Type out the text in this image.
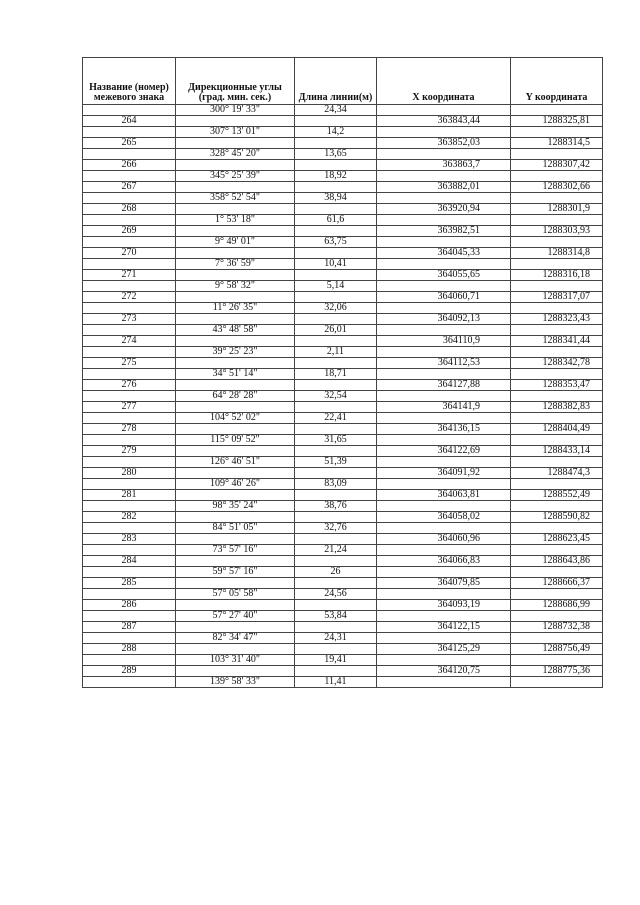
Название (номер) межевого знака	Дирекционные углы (град. мин. сек.)	Длина линии(м)	X координата	Y координата
	300° 19' 33"	24,34		
264			363843,44	1288325,81
	307° 13' 01"	14,2		
265			363852,03	1288314,5
	328° 45' 20"	13,65		
266			363863,7	1288307,42
	345° 25' 39"	18,92		
267			363882,01	1288302,66
	358° 52' 54"	38,94		
268			363920,94	1288301,9
	1° 53' 18"	61,6		
269			363982,51	1288303,93
	9° 49' 01"	63,75		
270			364045,33	1288314,8
	7° 36' 59"	10,41		
271			364055,65	1288316,18
	9° 58' 32"	5,14		
272			364060,71	1288317,07
	11° 26' 35"	32,06		
273			364092,13	1288323,43
	43° 48' 58"	26,01		
274			364110,9	1288341,44
	39° 25' 23"	2,11		
275			364112,53	1288342,78
	34° 51' 14"	18,71		
276			364127,88	1288353,47
	64° 28' 28"	32,54		
277			364141,9	1288382,83
	104° 52' 02"	22,41		
278			364136,15	1288404,49
	115° 09' 52"	31,65		
279			364122,69	1288433,14
	126° 46' 51"	51,39		
280			364091,92	1288474,3
	109° 46' 26"	83,09		
281			364063,81	1288552,49
	98° 35' 24"	38,76		
282			364058,02	1288590,82
	84° 51' 05"	32,76		
283			364060,96	1288623,45
	73° 57' 16"	21,24		
284			364066,83	1288643,86
	59° 57' 16"	26		
285			364079,85	1288666,37
	57° 05' 58"	24,56		
286			364093,19	1288686,99
	57° 27' 40"	53,84		
287			364122,15	1288732,38
	82° 34' 47"	24,31		
288			364125,29	1288756,49
	103° 31' 40"	19,41		
289			364120,75	1288775,36
	139° 58' 33"	11,41		
